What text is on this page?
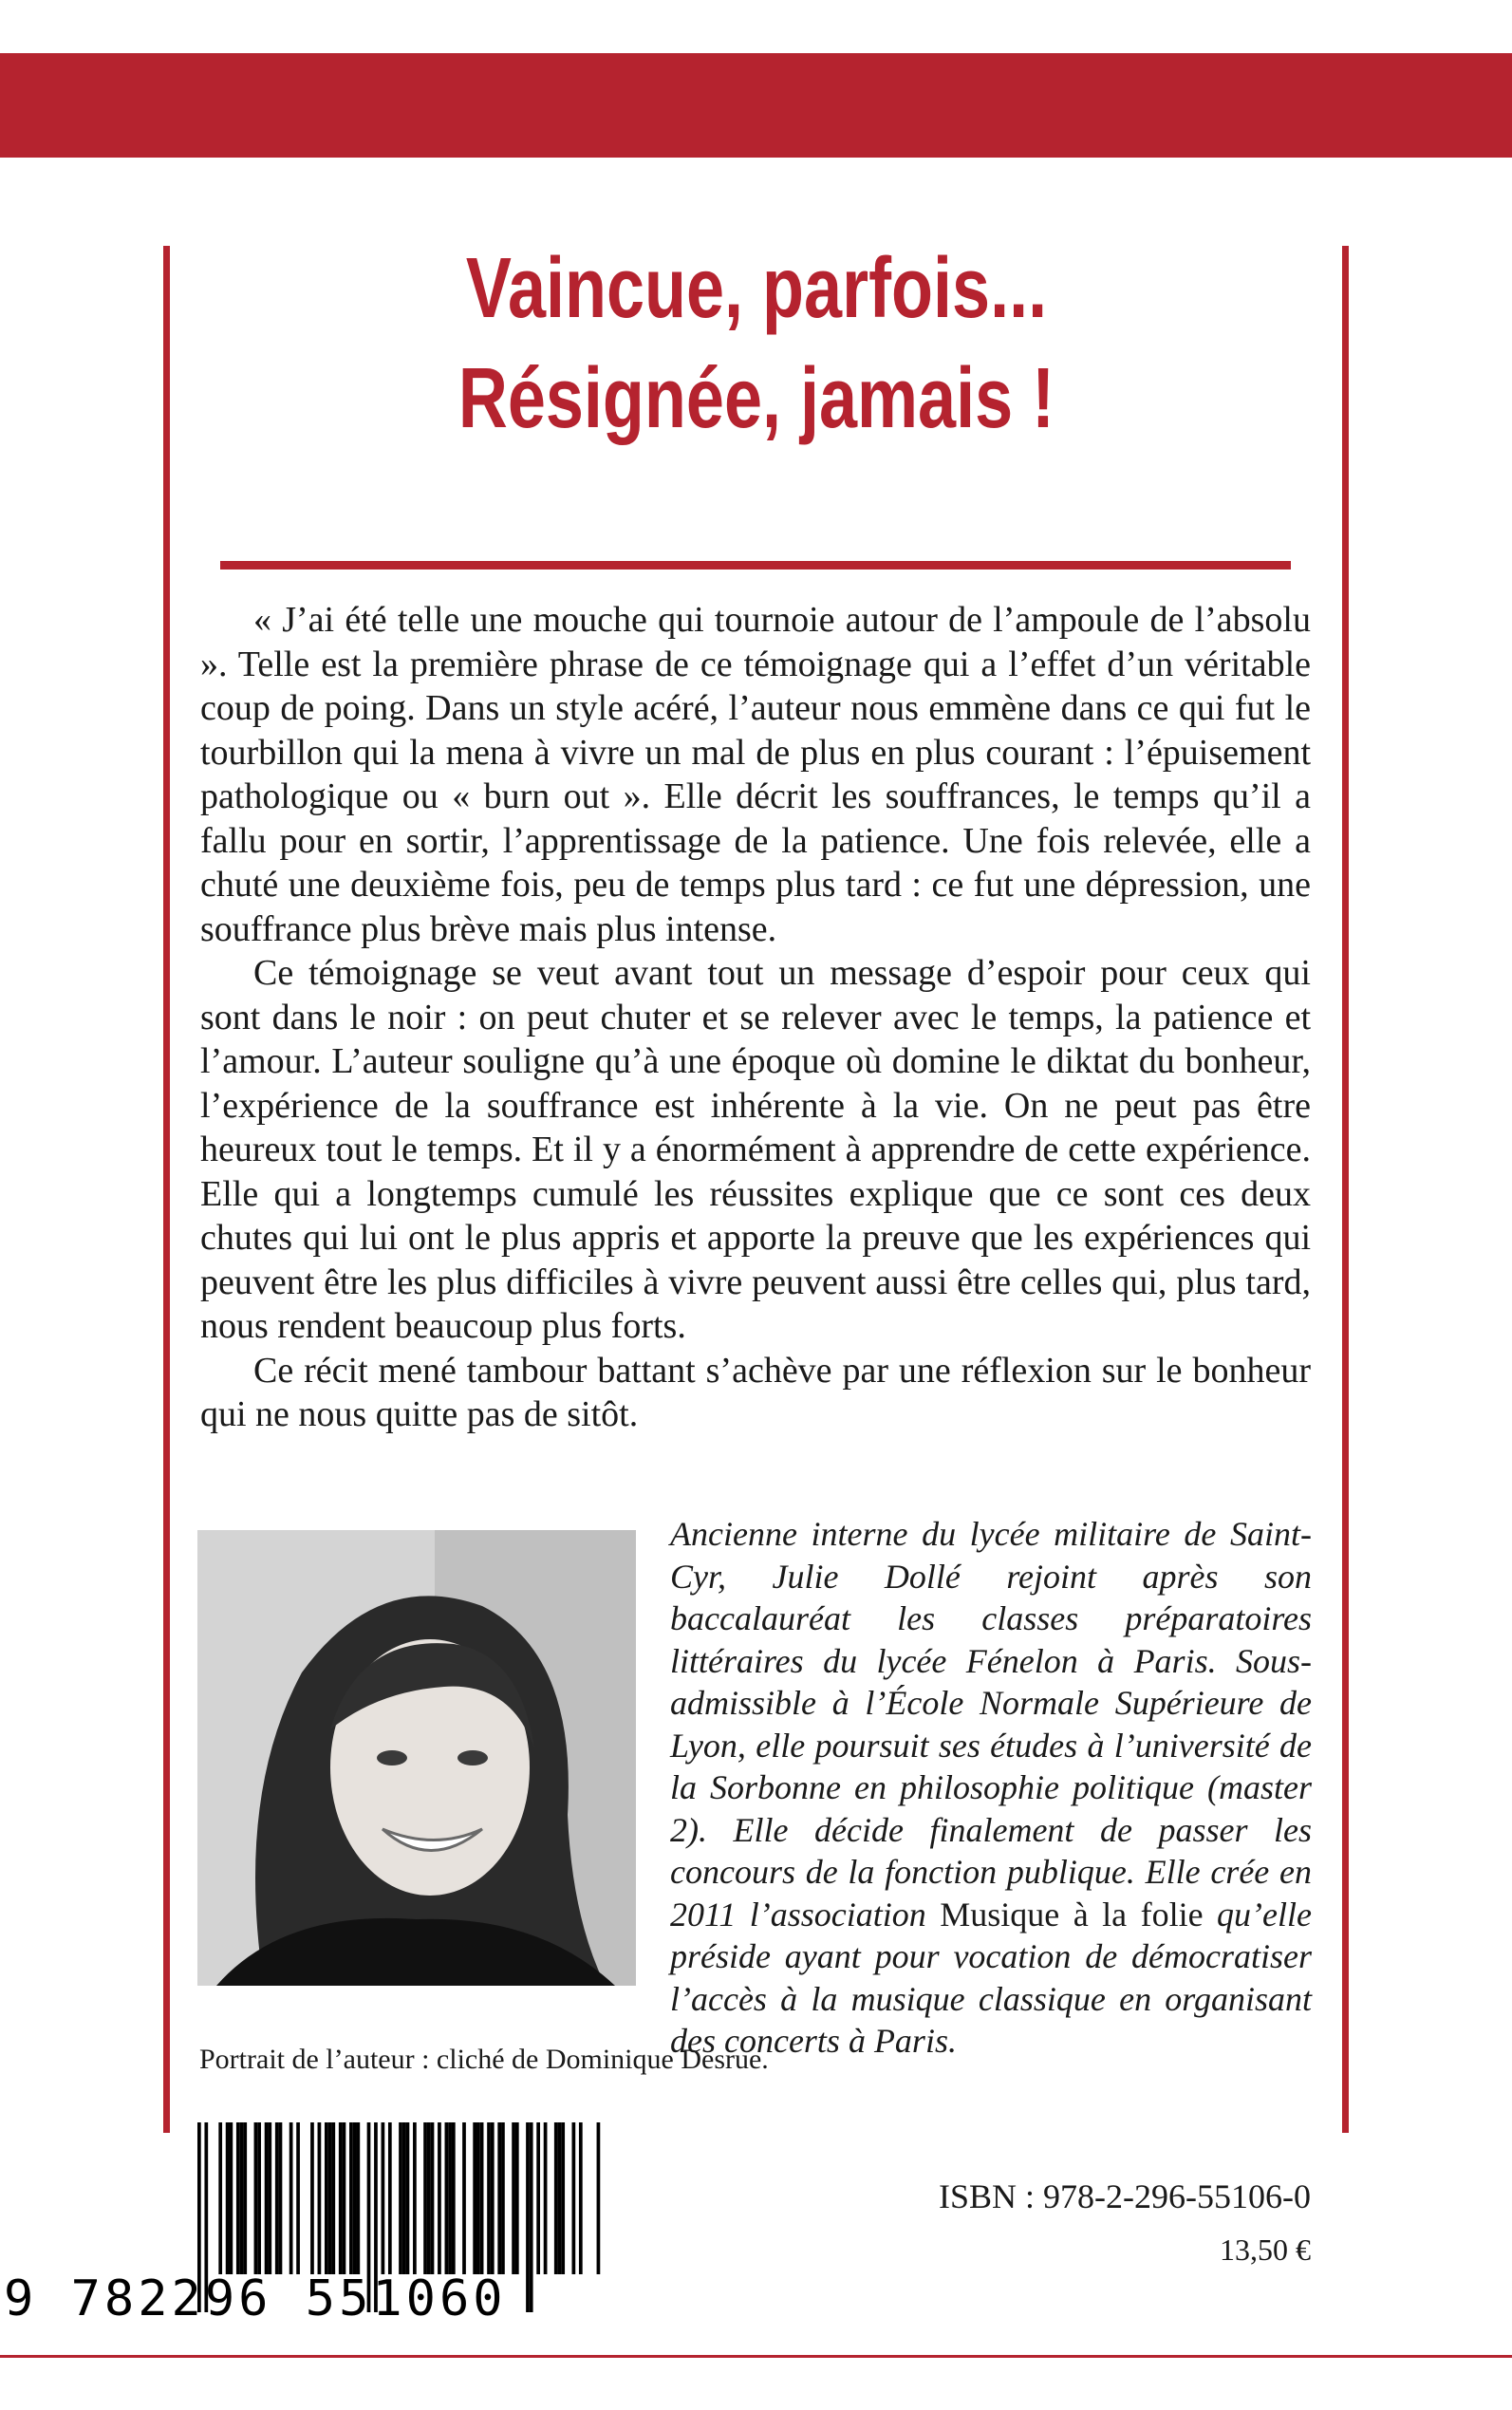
Vaincue, parfois...
Résignée, jamais !

« J’ai été telle une mouche qui tournoie autour de l’ampoule de l’absolu ». Telle est la première phrase de ce témoignage qui a l’effet d’un véritable coup de poing. Dans un style acéré, l’auteur nous emmène dans ce qui fut le tourbillon qui la mena à vivre un mal de plus en plus courant : l’épuisement pathologique ou « burn out ». Elle décrit les souffrances, le temps qu’il a fallu pour en sortir, l’apprentissage de la patience. Une fois relevée, elle a chuté une deuxième fois, peu de temps plus tard : ce fut une dépression, une souffrance plus brève mais plus intense.

Ce témoignage se veut avant tout un message d’espoir pour ceux qui sont dans le noir : on peut chuter et se relever avec le temps, la patience et l’amour. L’auteur souligne qu’à une époque où domine le diktat du bonheur, l’expérience de la souffrance est inhérente à la vie. On ne peut pas être heureux tout le temps. Et il y a énormément à apprendre de cette expérience. Elle qui a longtemps cumulé les réussites explique que ce sont ces deux chutes qui lui ont le plus appris et apporte la preuve que les expériences qui peuvent être les plus difficiles à vivre peuvent aussi être celles qui, plus tard, nous rendent beaucoup plus forts.

Ce récit mené tambour battant s’achève par une réflexion sur le bonheur qui ne nous quitte pas de sitôt.

Ancienne interne du lycée militaire de Saint-Cyr, Julie Dollé rejoint après son baccalauréat les classes préparatoires littéraires du lycée Fénelon à Paris. Sous-admissible à l’École Normale Supérieure de Lyon, elle poursuit ses études à l’université de la Sorbonne en philosophie politique (master 2). Elle décide finalement de passer les concours de la fonction publique. Elle crée en 2011 l’association Musique à la folie qu’elle préside ayant pour vocation de démocratiser l’accès à la musique classique en organisant des concerts à Paris.

Portrait de l’auteur : cliché de Dominique Desrue.

9 782296 551060

ISBN : 978-2-296-55106-0

13,50 €
